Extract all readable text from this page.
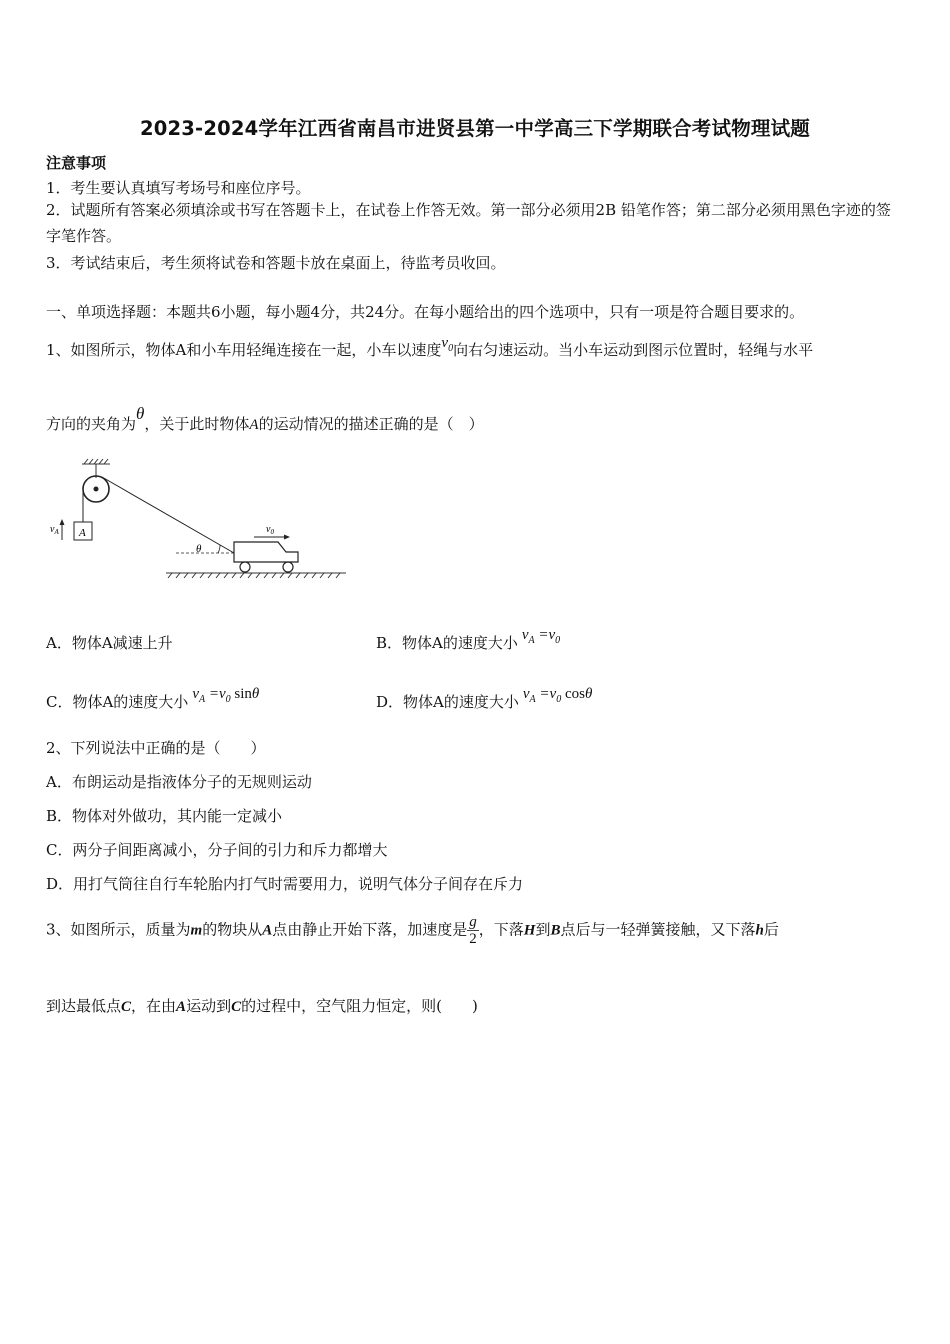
2023-2024学年江西省南昌市进贤县第一中学高三下学期联合考试物理试题
注意事项
1．考生要认真填写考场号和座位序号。
2．试题所有答案必须填涂或书写在答题卡上，在试卷上作答无效。第一部分必须用2B 铅笔作答；第二部分必须用黑色字迹的签字笔作答。
3．考试结束后，考生须将试卷和答题卡放在桌面上，待监考员收回。
一、单项选择题：本题共6小题，每小题4分，共24分。在每小题给出的四个选项中，只有一项是符合题目要求的。
1、如图所示，物体A和小车用轻绳连接在一起，小车以速度$v_0$向右匀速运动。当小车运动到图示位置时，轻绳与水平
方向的夹角为θ，关于此时物体A的运动情况的描述正确的是（　）
A
$v_A$
θ
$v_0$
A．物体A减速上升	B．物体A的速度大小 $v_A =v_0$
C．物体A的速度大小 $v_A =v_0$ sinθ	D．物体A的速度大小 $v_A =v_0$ cosθ
2、下列说法中正确的是（　　）
A．布朗运动是指液体分子的无规则运动
B．物体对外做功，其内能一定减小
C．两分子间距离减小，分子间的引力和斥力都增大
D．用打气筒往自行车轮胎内打气时需要用力，说明气体分子间存在斥力
3、如图所示，质量为m的物块从A点由静止开始下落，加速度是 $\frac{g}{2}$ ，下落H到B点后与一轻弹簧接触，又下落h后
到达最低点C，在由A运动到C的过程中，空气阻力恒定，则(　　)
